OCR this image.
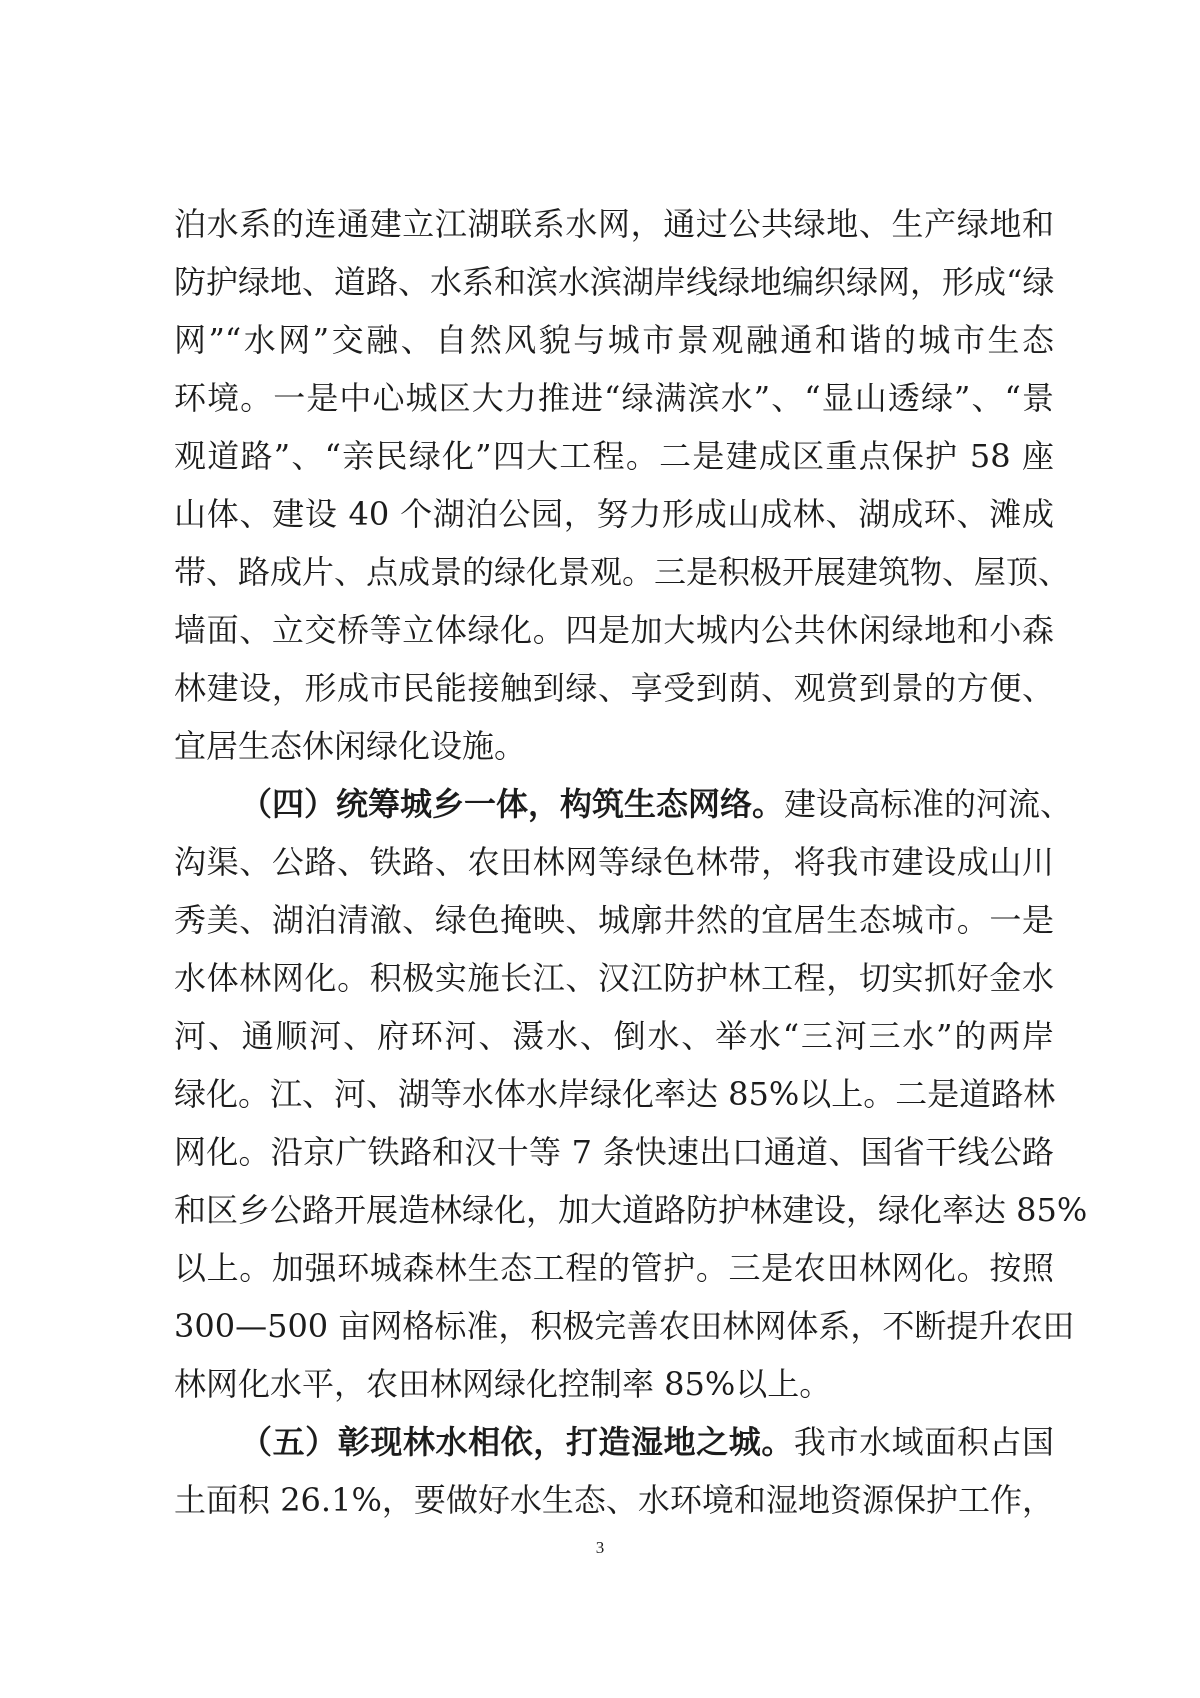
泊水系的连通建立江湖联系水网，通过公共绿地、生产绿地和
防护绿地、道路、水系和滨水滨湖岸线绿地编织绿网，形成“绿
网”“水网”交融、自然风貌与城市景观融通和谐的城市生态
环境。一是中心城区大力推进“绿满滨水”、“显山透绿”、“景
观道路”、“亲民绿化”四大工程。二是建成区重点保护 58 座
山体、建设 40 个湖泊公园，努力形成山成林、湖成环、滩成
带、路成片、点成景的绿化景观。三是积极开展建筑物、屋顶、
墙面、立交桥等立体绿化。四是加大城内公共休闲绿地和小森
林建设，形成市民能接触到绿、享受到荫、观赏到景的方便、
宜居生态休闲绿化设施。
（四）统筹城乡一体，构筑生态网络。建设高标准的河流、
沟渠、公路、铁路、农田林网等绿色林带，将我市建设成山川
秀美、湖泊清澈、绿色掩映、城廓井然的宜居生态城市。一是
水体林网化。积极实施长江、汉江防护林工程，切实抓好金水
河、通顺河、府环河、滠水、倒水、举水“三河三水”的两岸
绿化。江、河、湖等水体水岸绿化率达 85%以上。二是道路林
网化。沿京广铁路和汉十等 7 条快速出口通道、国省干线公路
和区乡公路开展造林绿化，加大道路防护林建设，绿化率达 85%
以上。加强环城森林生态工程的管护。三是农田林网化。按照
300—500 亩网格标准，积极完善农田林网体系，不断提升农田
林网化水平，农田林网绿化控制率 85%以上。
（五）彰现林水相依，打造湿地之城。我市水域面积占国
土面积 26.1%，要做好水生态、水环境和湿地资源保护工作，
3
